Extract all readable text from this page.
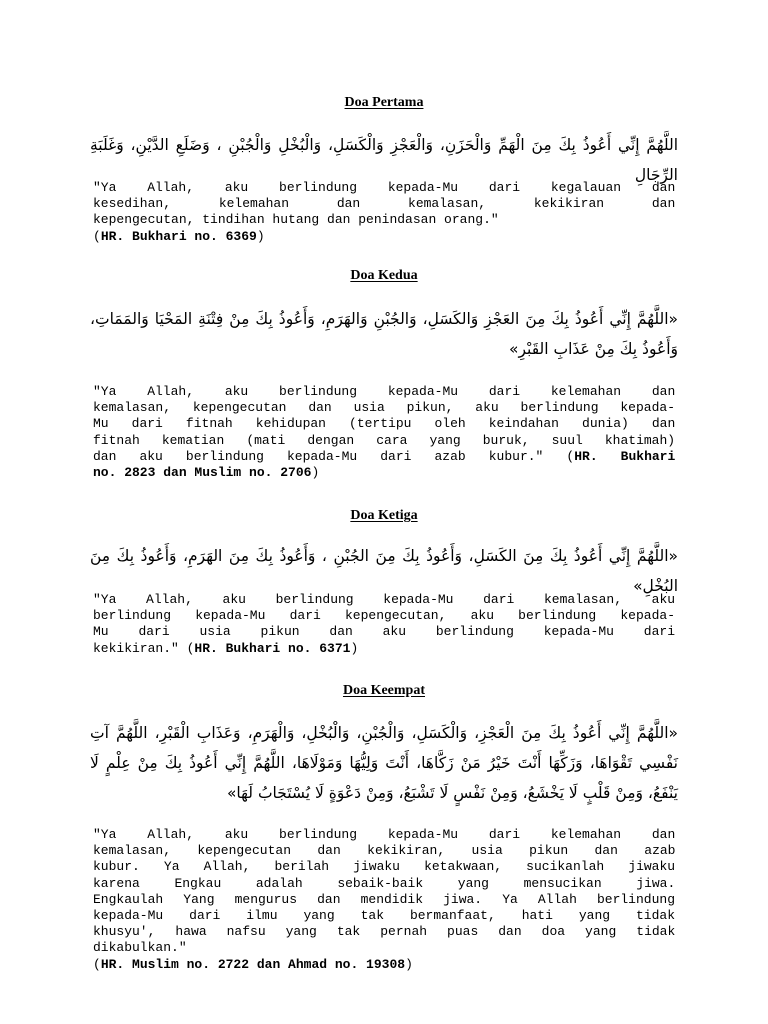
Doa Pertama
اللَّهُمَّ إِنِّي أَعُوذُ بِكَ مِنَ الْهَمِّ وَالْحَزَنِ، وَالْعَجْزِ وَالْكَسَلِ، وَالْبُخْلِ وَالْجُبْنِ ، وَضَلَعِ الدَّيْنِ، وَغَلَبَةِ الرِّجَالِ
"Ya Allah, aku berlindung kepada-Mu dari kegalauan dan
kesedihan, kelemahan dan kemalasan, kekikiran dan
kepengecutan, tindihan hutang dan penindasan orang."
(HR. Bukhari no. 6369)
Doa Kedua
«اللَّهُمَّ إِنِّي أَعُوذُ بِكَ مِنَ العَجْزِ وَالكَسَلِ، وَالجُبْنِ وَالهَرَمِ، وَأَعُوذُ بِكَ مِنْ فِتْنَةِ المَحْيَا وَالمَمَاتِ، وَأَعُوذُ بِكَ مِنْ عَذَابِ القَبْرِ»
"Ya Allah, aku berlindung kepada-Mu dari kelemahan dan
kemalasan, kepengecutan dan usia pikun, aku berlindung kepada-
Mu dari fitnah kehidupan (tertipu oleh keindahan dunia) dan
fitnah kematian (mati dengan cara yang buruk, suul khatimah)
dan aku berlindung kepada-Mu dari azab kubur." (HR. Bukhari
no. 2823 dan Muslim no. 2706)
Doa Ketiga
«اللَّهُمَّ إِنِّي أَعُوذُ بِكَ مِنَ الكَسَلِ، وَأَعُوذُ بِكَ مِنَ الجُبْنِ ، وَأَعُوذُ بِكَ مِنَ الهَرَمِ، وَأَعُوذُ بِكَ مِنَ البُخْلِ»
"Ya Allah, aku berlindung kepada-Mu dari kemalasan, aku
berlindung kepada-Mu dari kepengecutan, aku berlindung kepada-
Mu dari usia pikun dan aku berlindung kepada-Mu dari
kekikiran." (HR. Bukhari no. 6371)
Doa Keempat
«اللَّهُمَّ إِنِّي أَعُوذُ بِكَ مِنَ الْعَجْزِ، وَالْكَسَلِ، وَالْجُبْنِ، وَالْبُخْلِ، وَالْهَرَمِ، وَعَذَابِ الْقَبْرِ، اللَّهُمَّ آتِ نَفْسِي تَقْوَاهَا، وَزَكِّهَا أَنْتَ خَيْرُ مَنْ زَكَّاهَا، أَنْتَ وَلِيُّهَا وَمَوْلَاهَا، اللَّهُمَّ إِنِّي أَعُوذُ بِكَ مِنْ عِلْمٍ لَا يَنْفَعُ، وَمِنْ قَلْبٍ لَا يَخْشَعُ، وَمِنْ نَفْسٍ لَا تَشْبَعُ، وَمِنْ دَعْوَةٍ لَا يُسْتَجَابُ لَهَا»
"Ya Allah, aku berlindung kepada-Mu dari kelemahan dan
kemalasan, kepengecutan dan kekikiran, usia pikun dan azab
kubur. Ya Allah, berilah jiwaku ketakwaan, sucikanlah jiwaku
karena Engkau adalah sebaik-baik yang mensucikan jiwa.
Engkaulah Yang mengurus dan mendidik jiwa. Ya Allah berlindung
kepada-Mu dari ilmu yang tak bermanfaat, hati yang tidak
khusyu', hawa nafsu yang tak pernah puas dan doa yang tidak
dikabulkan."
(HR. Muslim no. 2722 dan Ahmad no. 19308)
